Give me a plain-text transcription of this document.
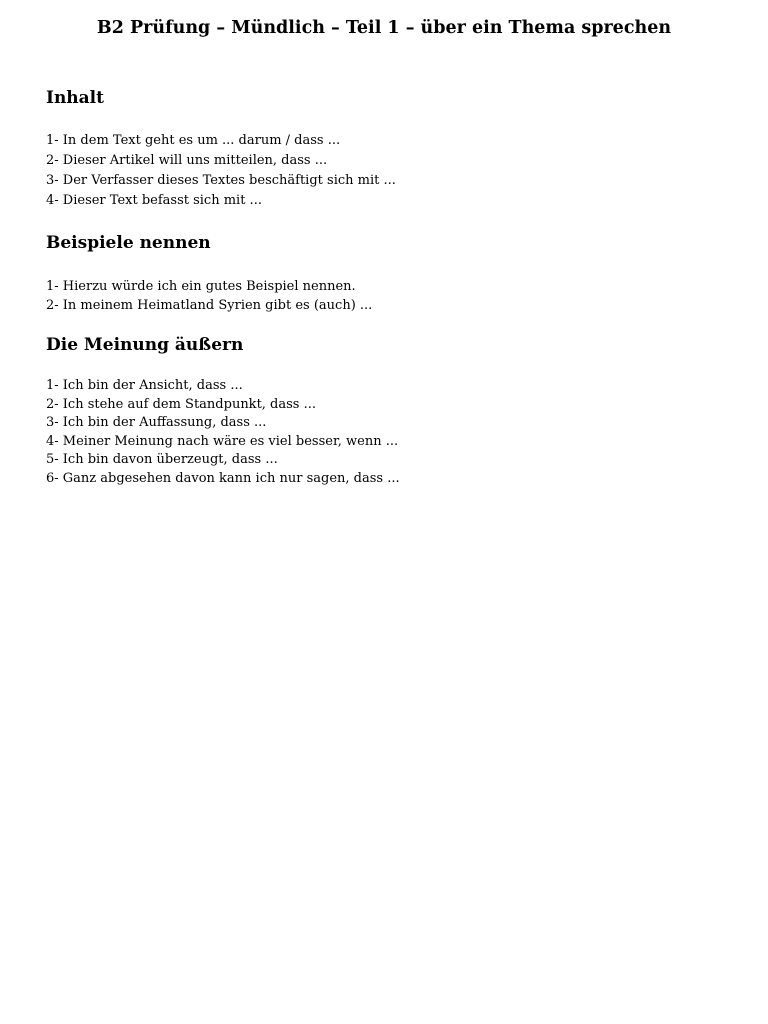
B2 Prüfung – Mündlich – Teil 1 – über ein Thema sprechen
Inhalt
1- In dem Text geht es um ... darum / dass ...
2- Dieser Artikel will uns mitteilen, dass ...
3- Der Verfasser dieses Textes beschäftigt sich mit ...
4- Dieser Text befasst sich mit ...
Beispiele nennen
1- Hierzu würde ich ein gutes Beispiel nennen.
2- In meinem Heimatland Syrien gibt es (auch) ...
Die Meinung äußern
1- Ich bin der Ansicht, dass ...
2- Ich stehe auf dem Standpunkt, dass ...
3- Ich bin der Auffassung, dass ...
4- Meiner Meinung nach wäre es viel besser, wenn ...
5- Ich bin davon überzeugt, dass ...
6- Ganz abgesehen davon kann ich nur sagen, dass ...
